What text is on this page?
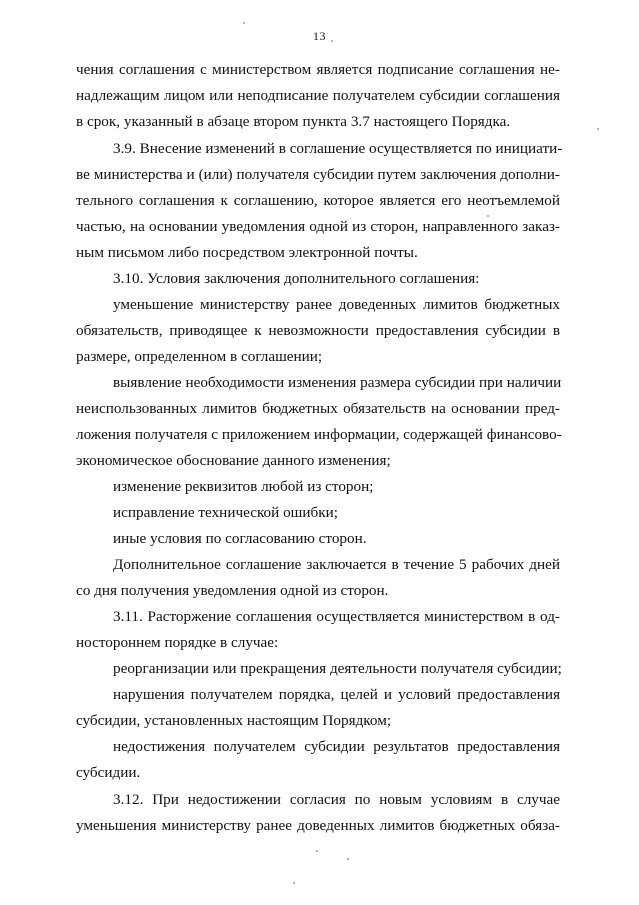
13
чения соглашения с министерством является подписание соглашения не-
надлежащим лицом или неподписание получателем субсидии соглашения
в срок, указанный в абзаце втором пункта 3.7 настоящего Порядка.
3.9. Внесение изменений в соглашение осуществляется по инициати-
ве министерства и (или) получателя субсидии путем заключения дополни-
тельного соглашения к соглашению, которое является его неотъемлемой
частью, на основании уведомления одной из сторон, направленного заказ-
ным письмом либо посредством электронной почты.
3.10. Условия заключения дополнительного соглашения:
уменьшение министерству ранее доведенных лимитов бюджетных
обязательств, приводящее к невозможности предоставления субсидии в
размере, определенном в соглашении;
выявление необходимости изменения размера субсидии при наличии
неиспользованных лимитов бюджетных обязательств на основании пред-
ложения получателя с приложением информации, содержащей финансово-
экономическое обоснование данного изменения;
изменение реквизитов любой из сторон;
исправление технической ошибки;
иные условия по согласованию сторон.
Дополнительное соглашение заключается в течение 5 рабочих дней
со дня получения уведомления одной из сторон.
3.11. Расторжение соглашения осуществляется министерством в од-
ностороннем порядке в случае:
реорганизации или прекращения деятельности получателя субсидии;
нарушения получателем порядка, целей и условий предоставления
субсидии, установленных настоящим Порядком;
недостижения получателем субсидии результатов предоставления
субсидии.
3.12. При недостижении согласия по новым условиям в случае
уменьшения министерству ранее доведенных лимитов бюджетных обяза-
